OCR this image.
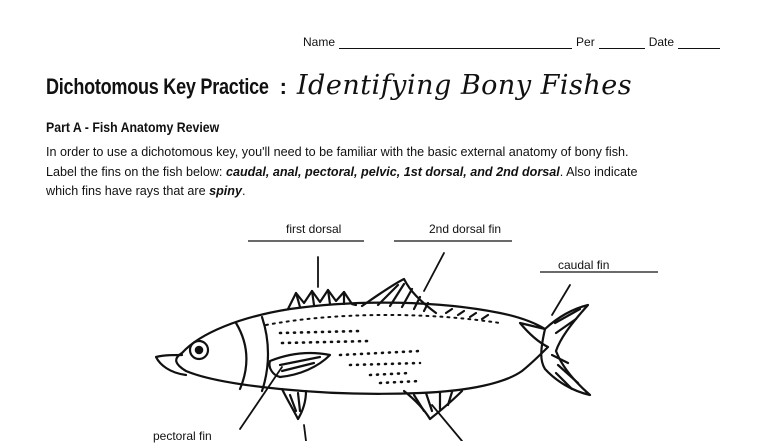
Name	Per	Date
Dichotomous Key Practice : Identifying Bony Fishes
Part A - Fish Anatomy Review
In order to use a dichotomous key, you'll need to be familiar with the basic external anatomy of bony fish.
Label the fins on the fish below: caudal, anal, pectoral, pelvic, 1st dorsal, and 2nd dorsal. Also indicate
which fins have rays that are spiny.
first dorsal	2nd dorsal fin
caudal fin
pectoral fin
